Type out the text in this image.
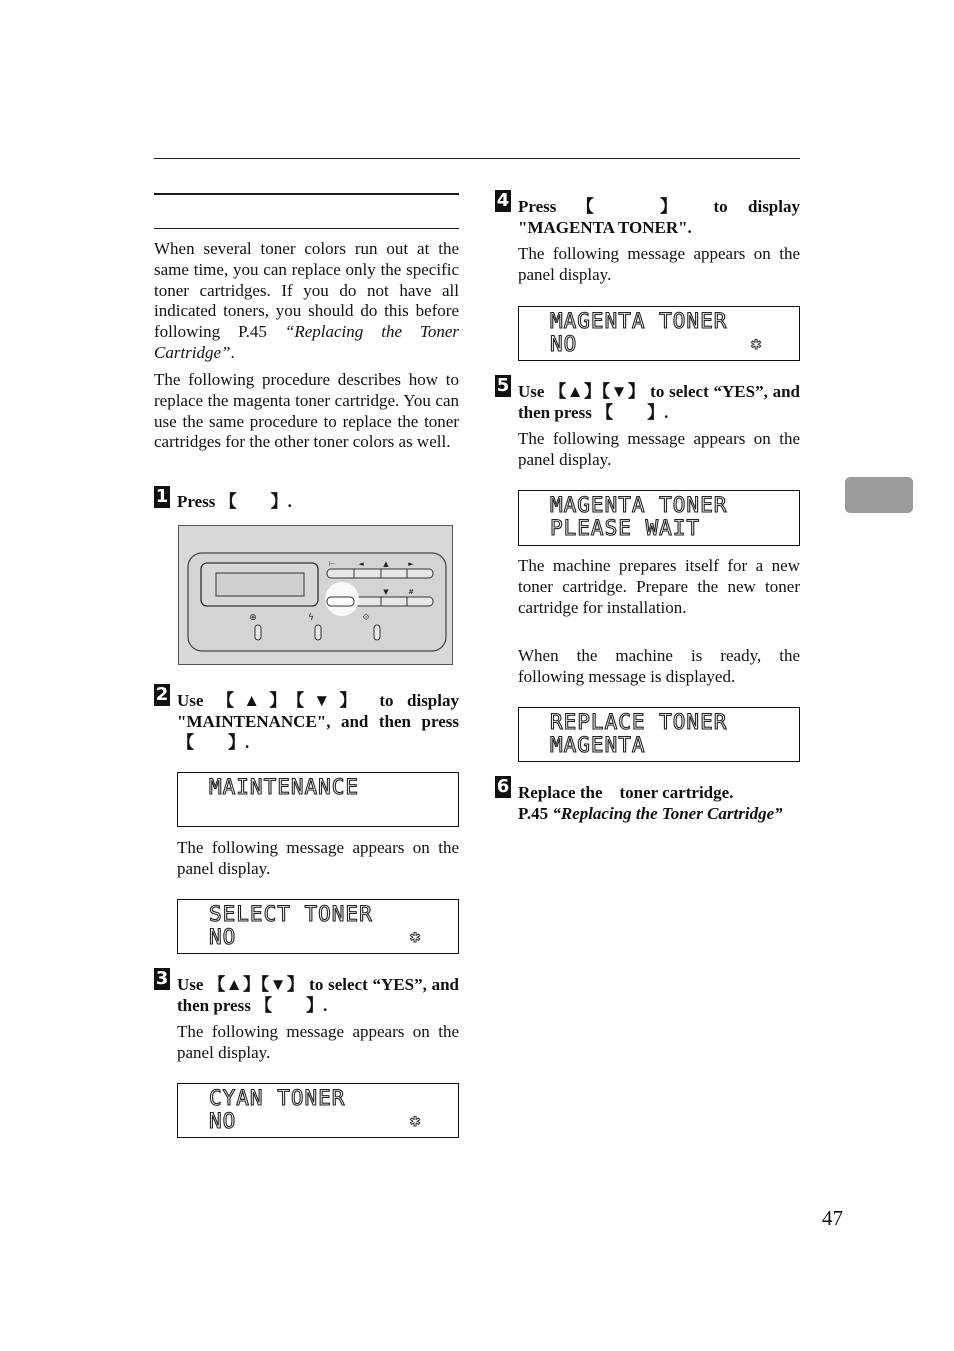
When several toner colors run out at the same time, you can replace only the specific toner cartridges. If you do not have all indicated toners, you should do this before following P.45 “Replacing the Toner Cartridge”.

The following procedure describes how to replace the magenta toner cartridge. You can use the same procedure to replace the toner cartridges for the other toner colors as well.

1 Press 【  】.

⊢	◄	▲	►
▼	#
⊕	ϟ	⟐
2 Use 【▲】【▼】 to display "MAINTENANCE", and then press 【  】.

MAINTENANCE

The following message appears on the panel display.

SELECT TONER
NO	✱
3 Use 【▲】【▼】 to select “YES”, and then press 【  】.

The following message appears on the panel display.

CYAN TONER
NO	✱
4 Press 【  】 to display "MAGENTA TONER".

The following message appears on the panel display.

MAGENTA TONER
NO	✱
5 Use 【▲】【▼】 to select “YES”, and then press 【  】.

The following message appears on the panel display.

MAGENTA TONER
PLEASE WAIT

The machine prepares itself for a new toner cartridge. Prepare the new toner cartridge for installation.

When the machine is ready, the following message is displayed.

REPLACE TONER
MAGENTA
6 Replace the toner cartridge.
P.45 “Replacing the Toner Cartridge”

47
